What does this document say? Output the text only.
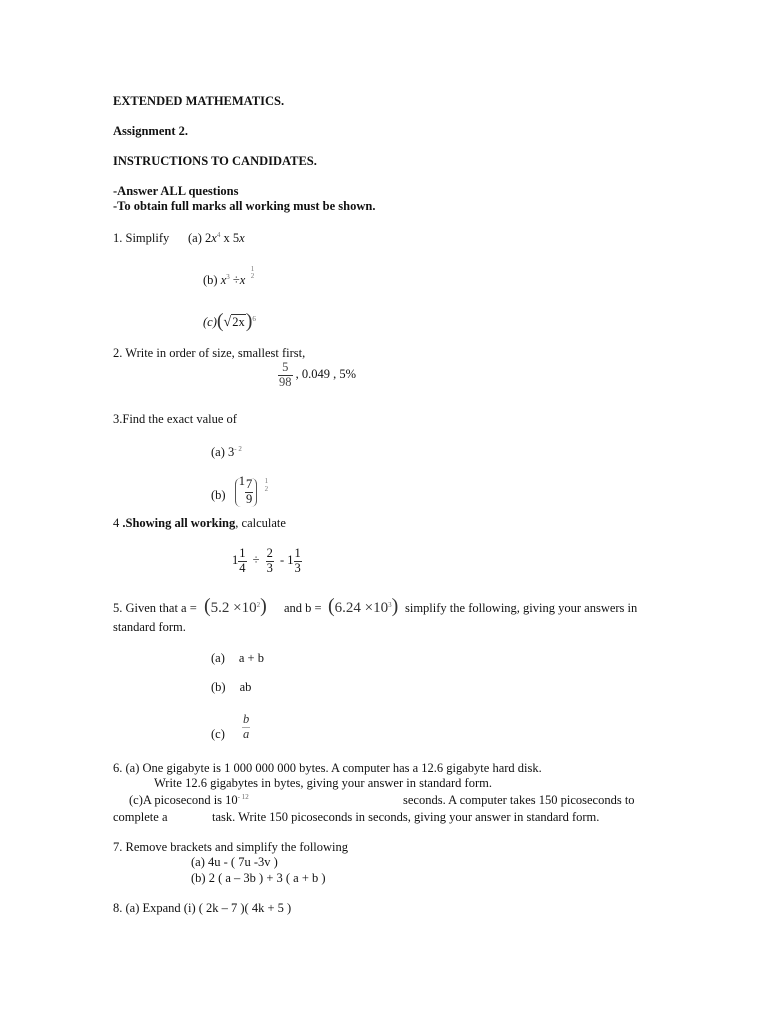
EXTENDED MATHEMATICS.
Assignment 2.
INSTRUCTIONS TO CANDIDATES.
-Answer ALL questions
-To obtain full marks all working must be shown.
1. Simplify (a) $2x^4$ x 5x
(b) $x^3 \div x$
1
2
$(c)(√2x)^6$
2. Write in order of size, smallest first,
$\frac{5}{98}$ , 0.049 , 5%
3.Find the exact value of
(a) $3^{- 2}$
(b) $1 \frac{7}{9}$
	1
2
4 .Showing all working, calculate
$1 \frac{1}{4} \div \frac{2}{3} - 1 \frac{1}{3}$
5. Given that $a = (5.2 \times 10^2)$ and $b = (6.24 \times 10^3)$ simplify the following, giving your answers in
standard form.
(a) a + b
(b) ab
$(c) \frac{b}{a}$
6. (a) One gigabyte is 1 000 000 000 bytes. A computer has a 12.6 gigabyte hard disk.
Write 12.6 gigabytes in bytes, giving your answer in standard form.
(c)A picosecond is $10^{- 12}$	seconds. A computer takes 150 picoseconds to
complete a	task. Write 150 picoseconds in seconds, giving your answer in standard form.
7. Remove brackets and simplify the following
(a) 4u - ( 7u -3v )
(b) 2 ( a – 3b ) + 3 ( a + b )
8. (a) Expand (i) ( 2k – 7 )( 4k + 5 )
